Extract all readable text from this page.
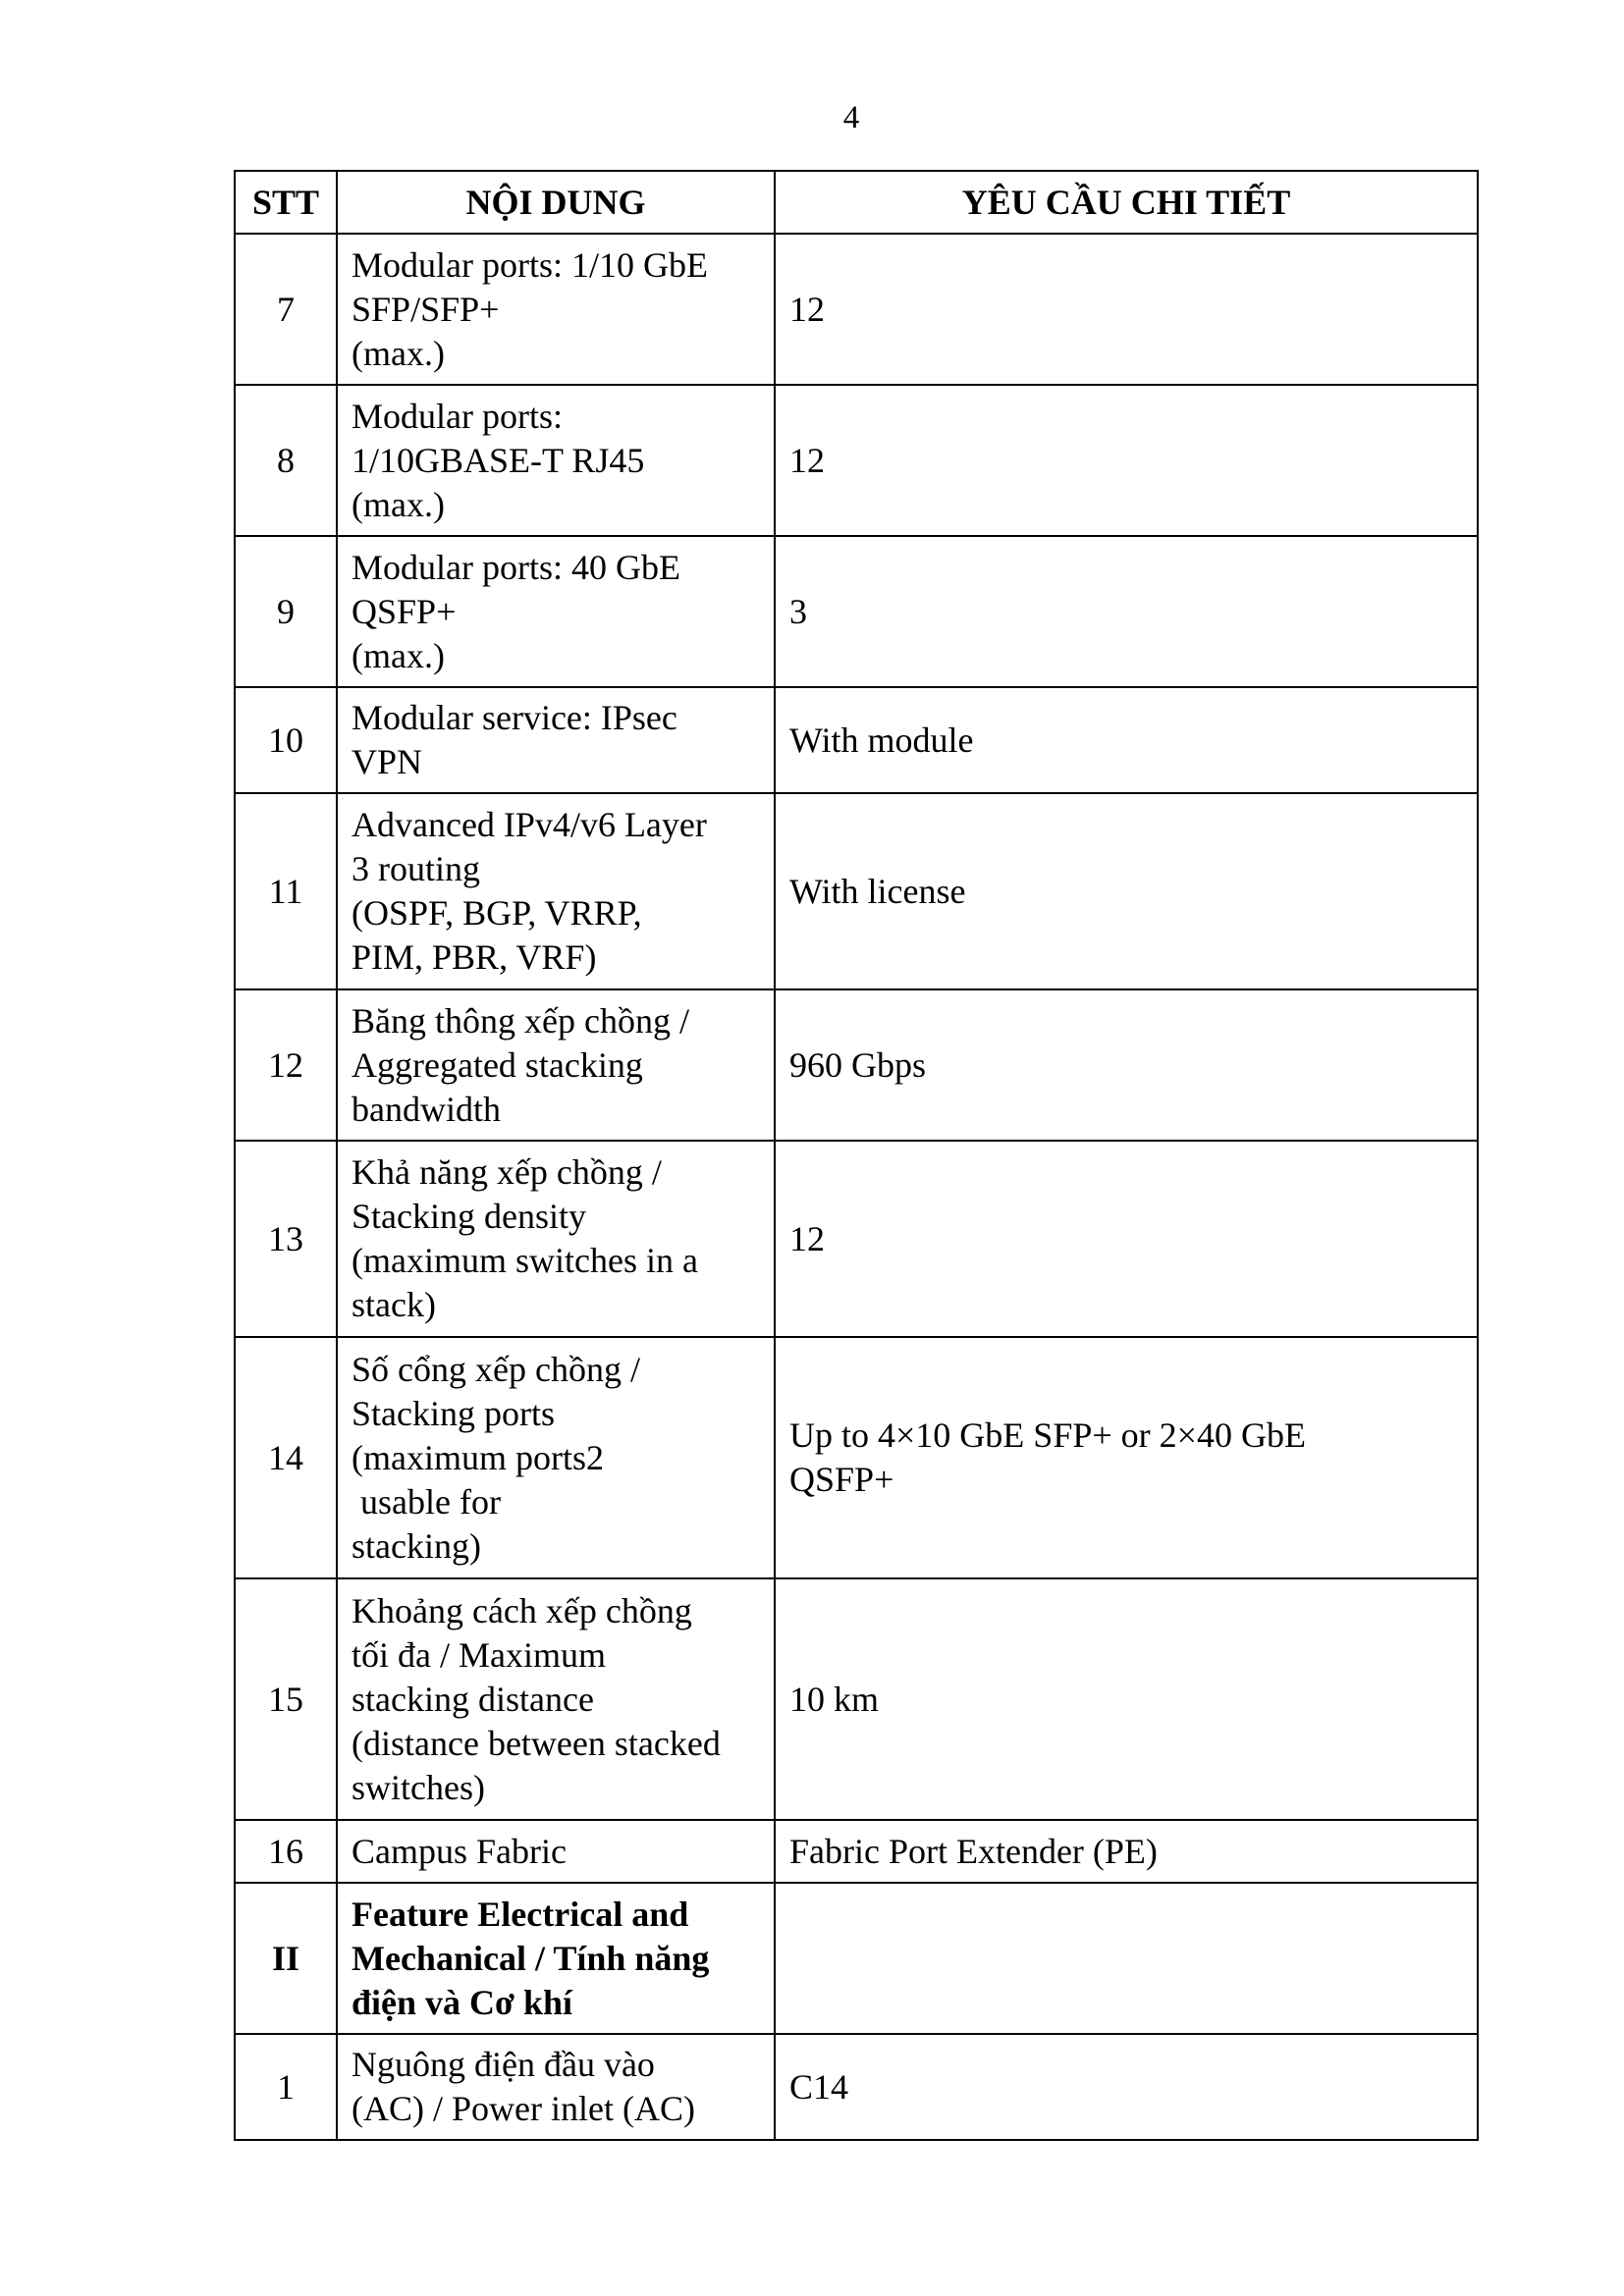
4
STT	NỘI DUNG	YÊU CẦU CHI TIẾT
7	Modular ports: 1/10 GbE
SFP/SFP+
(max.)	12

8	Modular ports:
1/10GBASE-T RJ45
(max.)	12

9	Modular ports: 40 GbE
QSFP+
(max.)	3

10	Modular service: IPsec
VPN	With module

11	Advanced IPv4/v6 Layer
3 routing
(OSPF, BGP, VRRP,
PIM, PBR, VRF)	With license

12	Băng thông xếp chồng /
Aggregated stacking
bandwidth	960 Gbps

13	Khả năng xếp chồng /
Stacking density
(maximum switches in a
stack)	12

14	Số cổng xếp chồng /
Stacking ports
(maximum ports2
usable for
stacking)	Up to 4×10 GbE SFP+ or 2×40 GbE
QSFP+

15	Khoảng cách xếp chồng
tối đa / Maximum
stacking distance
(distance between stacked
switches)	10 km

16	Campus Fabric	Fabric Port Extender (PE)

II	Feature Electrical and
Mechanical / Tính năng
điện và Cơ khí	

1	Nguông điện đầu vào
(AC) / Power inlet (AC)	C14
